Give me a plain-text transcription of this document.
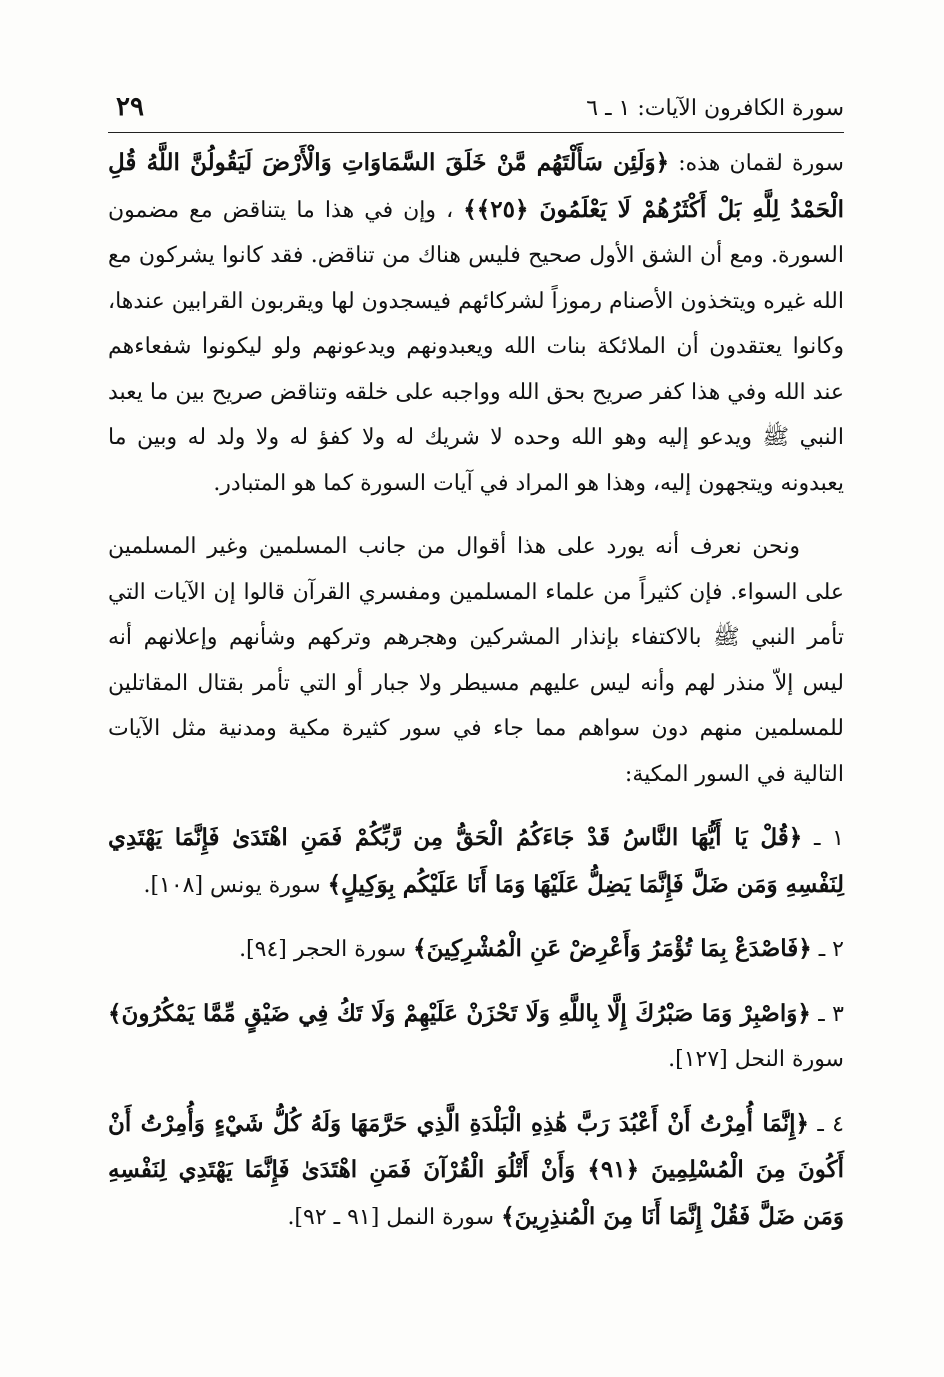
سورة الكافرون الآيات: ١ ـ ٦
٢٩

سورة لقمان هذه: ﴿وَلَئِن سَأَلْتَهُم مَّنْ خَلَقَ السَّمَاوَاتِ وَالْأَرْضَ لَيَقُولُنَّ اللَّهُ قُلِ الْحَمْدُ لِلَّهِ بَلْ أَكْثَرُهُمْ لَا يَعْلَمُونَ ﴿٢٥﴾﴾ ، وإن في هذا ما يتناقض مع مضمون السورة. ومع أن الشق الأول صحيح فليس هناك من تناقض. فقد كانوا يشركون مع الله غيره ويتخذون الأصنام رموزاً لشركائهم فيسجدون لها ويقربون القرابين عندها، وكانوا يعتقدون أن الملائكة بنات الله ويعبدونهم ويدعونهم ولو ليكونوا شفعاءهم عند الله وفي هذا كفر صريح بحق الله وواجبه على خلقه وتناقض صريح بين ما يعبد النبي ﷺ ويدعو إليه وهو الله وحده لا شريك له ولا كفؤ له ولا ولد له وبين ما يعبدونه ويتجهون إليه، وهذا هو المراد في آيات السورة كما هو المتبادر.

ونحن نعرف أنه يورد على هذا أقوال من جانب المسلمين وغير المسلمين على السواء. فإن كثيراً من علماء المسلمين ومفسري القرآن قالوا إن الآيات التي تأمر النبي ﷺ بالاكتفاء بإنذار المشركين وهجرهم وتركهم وشأنهم وإعلانهم أنه ليس إلاّ منذر لهم وأنه ليس عليهم مسيطر ولا جبار أو التي تأمر بقتال المقاتلين للمسلمين منهم دون سواهم مما جاء في سور كثيرة مكية ومدنية مثل الآيات التالية في السور المكية:

١ ـ ﴿قُلْ يَا أَيُّهَا النَّاسُ قَدْ جَاءَكُمُ الْحَقُّ مِن رَّبِّكُمْ فَمَنِ اهْتَدَىٰ فَإِنَّمَا يَهْتَدِي لِنَفْسِهِ وَمَن ضَلَّ فَإِنَّمَا يَضِلُّ عَلَيْهَا وَمَا أَنَا عَلَيْكُم بِوَكِيلٍ﴾ سورة يونس [١٠٨].

٢ ـ ﴿فَاصْدَعْ بِمَا تُؤْمَرُ وَأَعْرِضْ عَنِ الْمُشْرِكِينَ﴾ سورة الحجر [٩٤].

٣ ـ ﴿وَاصْبِرْ وَمَا صَبْرُكَ إِلَّا بِاللَّهِ وَلَا تَحْزَنْ عَلَيْهِمْ وَلَا تَكُ فِي ضَيْقٍ مِّمَّا يَمْكُرُونَ﴾ سورة النحل [١٢٧].

٤ ـ ﴿إِنَّمَا أُمِرْتُ أَنْ أَعْبُدَ رَبَّ هَٰذِهِ الْبَلْدَةِ الَّذِي حَرَّمَهَا وَلَهُ كُلُّ شَيْءٍ وَأُمِرْتُ أَنْ أَكُونَ مِنَ الْمُسْلِمِينَ ﴿٩١﴾ وَأَنْ أَتْلُوَ الْقُرْآنَ فَمَنِ اهْتَدَىٰ فَإِنَّمَا يَهْتَدِي لِنَفْسِهِ وَمَن ضَلَّ فَقُلْ إِنَّمَا أَنَا مِنَ الْمُنذِرِينَ﴾ سورة النمل [٩١ ـ ٩٢].
